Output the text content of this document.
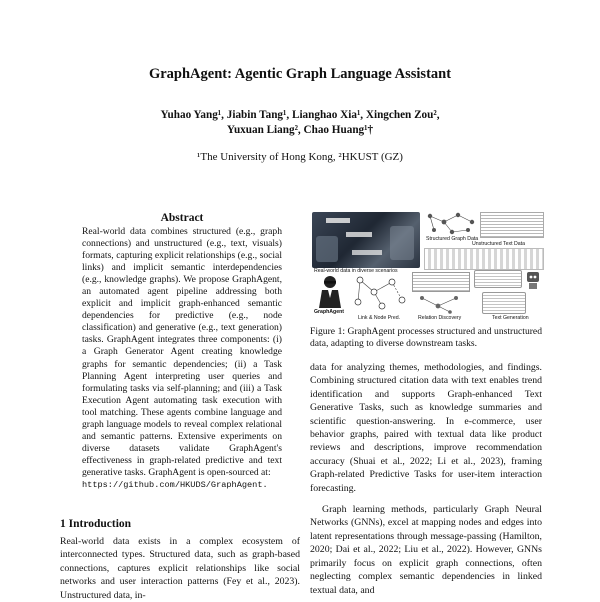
GraphAgent: Agentic Graph Language Assistant
Yuhao Yang¹, Jiabin Tang¹, Lianghao Xia¹, Xingchen Zou²,
Yuxuan Liang², Chao Huang¹†
¹The University of Hong Kong, ²HKUST (GZ)
Abstract

Real-world data combines structured (e.g., graph connections) and unstructured (e.g., text, visuals) formats, capturing explicit relationships (e.g., social links) and implicit semantic interdependencies (e.g., knowledge graphs). We propose GraphAgent, an automated agent pipeline addressing both explicit and implicit graph-enhanced semantic dependencies for predictive (e.g., node classification) and generative (e.g., text generation) tasks. GraphAgent integrates three components: (i) a Graph Generator Agent creating knowledge graphs for semantic dependencies; (ii) a Task Planning Agent interpreting user queries and formulating tasks via self-planning; and (iii) a Task Execution Agent automating task execution with tool matching. These agents combine language and graph language models to reveal complex relational and semantic patterns. Extensive experiments on diverse datasets validate GraphAgent's effectiveness in graph-related predictive and text generative tasks. GraphAgent is open-sourced at:

https://github.com/HKUDS/GraphAgent.
1 Introduction
Real-world data exists in a complex ecosystem of interconnected types. Structured data, such as graph-based connections, captures explicit relationships like social networks and user interaction patterns (Fey et al., 2023). Unstructured data, in-
Real-world data in diverse scenarios
Structured Graph Data
Unstructured Text Data
GraphAgent
Link & Node Pred.	Relation Discovery	Text Generation
Figure 1: GraphAgent processes structured and unstructured data, adapting to diverse downstream tasks.

data for analyzing themes, methodologies, and findings. Combining structured citation data with text enables trend identification and supports Graph-enhanced Text Generative Tasks, such as knowledge summaries and scientific question-answering. In e-commerce, user behavior graphs, paired with textual data like product reviews and descriptions, improve recommendation accuracy (Shuai et al., 2022; Li et al., 2023), framing Graph-related Predictive Tasks for user-item interaction forecasting.

Graph learning methods, particularly Graph Neural Networks (GNNs), excel at mapping nodes and edges into latent representations through message-passing (Hamilton, 2020; Dai et al., 2022; Liu et al., 2022). However, GNNs primarily focus on explicit graph connections, often neglecting complex semantic dependencies in linked textual data, and
